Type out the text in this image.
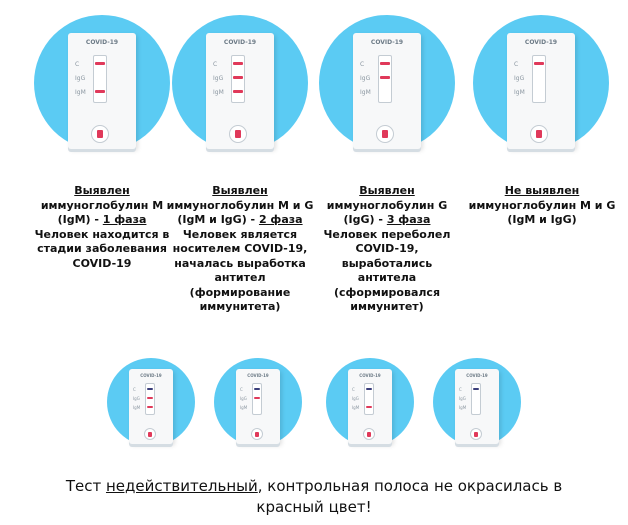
COVID-19
C
IgG
IgM
COVID-19
C
IgG
IgM
COVID-19
C
IgG
IgM
COVID-19
C
IgG
IgM

Выявлен

иммуноглобулин М

(IgM) - 1 фаза

Человек находится в

стадии заболевания

COVID-19

Выявлен

иммуноглобулин M и G

(IgM и IgG) - 2 фаза

Человек является

носителем COVID-19,

началась выработка

антител

(формирование

иммунитета)

Выявлен

иммуноглобулин G

(IgG) - 3 фаза

Человек переболел

COVID-19,

выработались антитела

(сформировался

иммунитет)

Не выявлен

иммуноглобулин M и G

(IgM и IgG)

COVID-19
C
IgG
IgM
COVID-19
C
IgG
IgM
COVID-19
C
IgG
IgM
COVID-19
C
IgG
IgM
Тест недействительный, контрольная полоса не окрасилась в
красный цвет!
